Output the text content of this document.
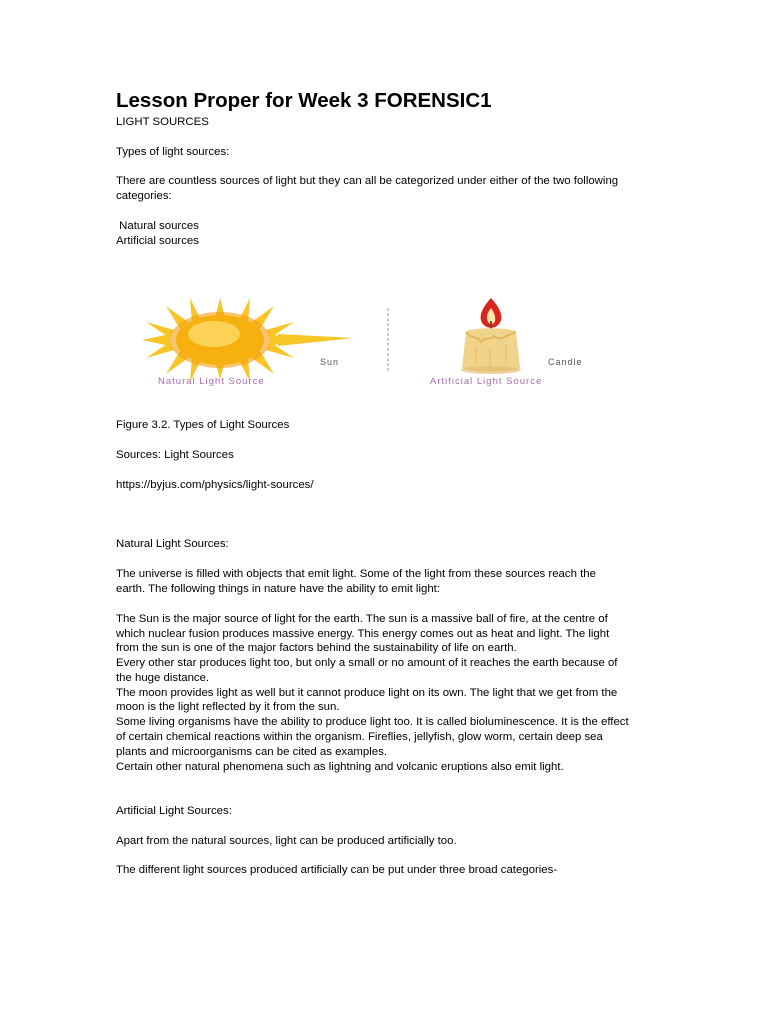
Lesson Proper for Week 3 FORENSIC1
LIGHT SOURCES
Types of light sources:
There are countless sources of light but they can all be categorized under either of the two following
categories:
Natural sources
Artificial sources
Sun
Natural Light Source
Candle
Artificial Light Source
Figure 3.2. Types of Light Sources
Sources: Light Sources
https://byjus.com/physics/light-sources/
Natural Light Sources:
The universe is filled with objects that emit light. Some of the light from these sources reach the
earth. The following things in nature have the ability to emit light:
The Sun is the major source of light for the earth. The sun is a massive ball of fire, at the centre of
which nuclear fusion produces massive energy. This energy comes out as heat and light. The light
from the sun is one of the major factors behind the sustainability of life on earth.
Every other star produces light too, but only a small or no amount of it reaches the earth because of
the huge distance.
The moon provides light as well but it cannot produce light on its own. The light that we get from the
moon is the light reflected by it from the sun.
Some living organisms have the ability to produce light too. It is called bioluminescence. It is the effect
of certain chemical reactions within the organism. Fireflies, jellyfish, glow worm, certain deep sea
plants and microorganisms can be cited as examples.
Certain other natural phenomena such as lightning and volcanic eruptions also emit light.
Artificial Light Sources:
Apart from the natural sources, light can be produced artificially too.
The different light sources produced artificially can be put under three broad categories-
